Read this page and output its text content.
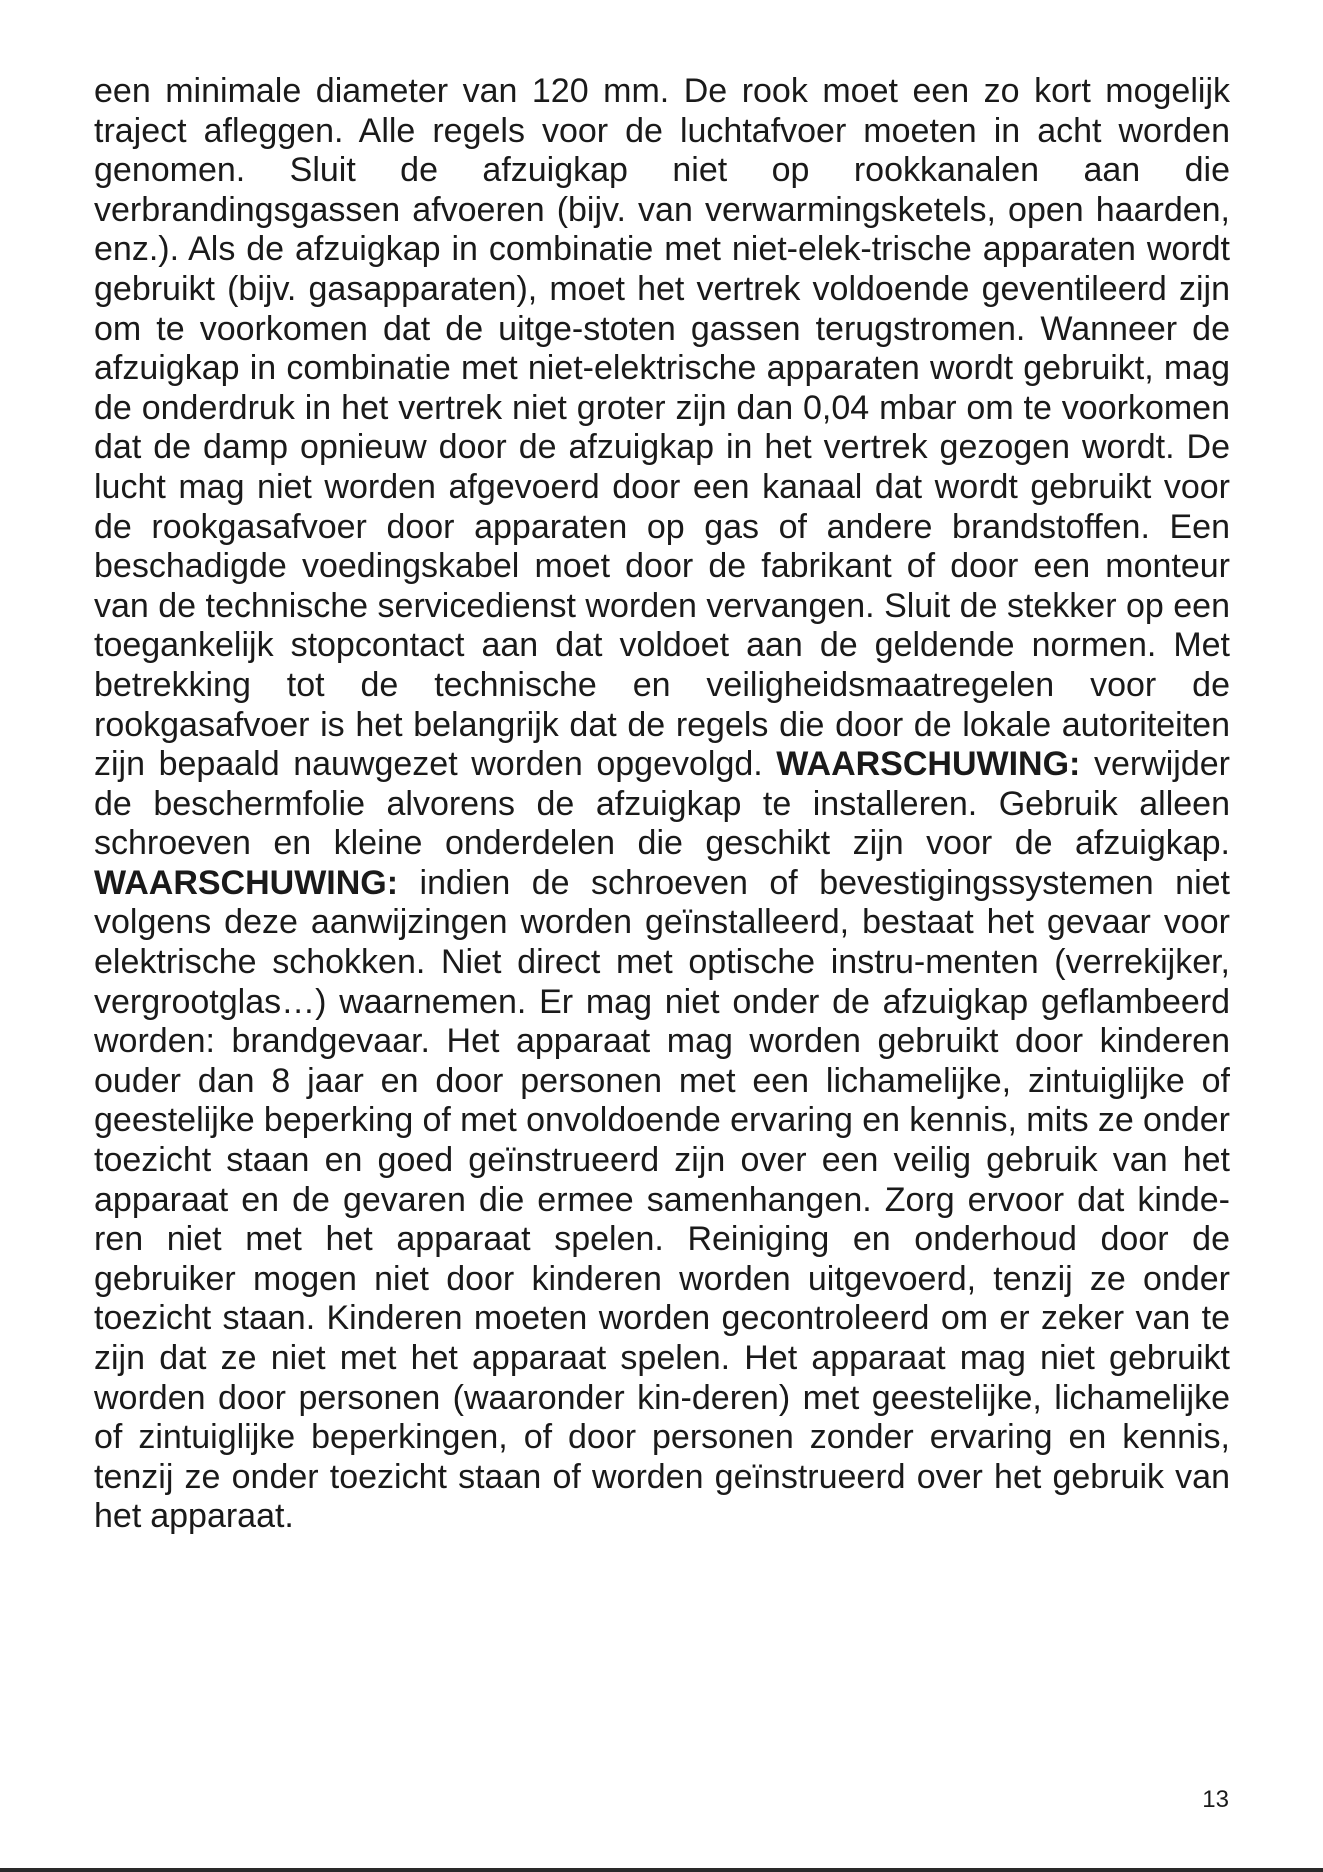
een minimale diameter van 120 mm. De rook moet een zo kort mogelijk traject afleggen. Alle regels voor de luchtafvoer moeten in acht worden genomen. Sluit de afzuigkap niet op rookkanalen aan die verbrandingsgassen afvoeren (bijv. van verwarmingsketels, open haarden, enz.). Als de afzuigkap in combinatie met niet-elek-trische apparaten wordt gebruikt (bijv. gasapparaten), moet het vertrek voldoende geventileerd zijn om te voorkomen dat de uitge-stoten gassen terugstromen. Wanneer de afzuigkap in combinatie met niet-elektrische apparaten wordt gebruikt, mag de onderdruk in het vertrek niet groter zijn dan 0,04 mbar om te voorkomen dat de damp opnieuw door de afzuigkap in het vertrek gezogen wordt. De lucht mag niet worden afgevoerd door een kanaal dat wordt gebruikt voor de rookgasafvoer door apparaten op gas of andere brandstoffen. Een beschadigde voedingskabel moet door de fabrikant of door een monteur van de technische servicedienst worden vervangen. Sluit de stekker op een toegankelijk stopcontact aan dat voldoet aan de geldende normen. Met betrekking tot de technische en veiligheidsmaatregelen voor de rookgasafvoer is het belangrijk dat de regels die door de lokale autoriteiten zijn bepaald nauwgezet worden opgevolgd. WAARSCHUWING: verwijder de beschermfolie alvorens de afzuigkap te installeren. Gebruik alleen schroeven en kleine onderdelen die geschikt zijn voor de afzuigkap. WAARSCHUWING: indien de schroeven of bevestigingssystemen niet volgens deze aanwijzingen worden geïnstalleerd, bestaat het gevaar voor elektrische schokken. Niet direct met optische instru-menten (verrekijker, vergrootglas…) waarnemen. Er mag niet onder de afzuigkap geflambeerd worden: brandgevaar. Het apparaat mag worden gebruikt door kinderen ouder dan 8 jaar en door personen met een lichamelijke, zintuiglijke of geestelijke beperking of met onvoldoende ervaring en kennis, mits ze onder toezicht staan en goed geïnstrueerd zijn over een veilig gebruik van het apparaat en de gevaren die ermee samenhangen. Zorg ervoor dat kinde-ren niet met het apparaat spelen. Reiniging en onderhoud door de gebruiker mogen niet door kinderen worden uitgevoerd, tenzij ze onder toezicht staan. Kinderen moeten worden gecontroleerd om er zeker van te zijn dat ze niet met het apparaat spelen. Het apparaat mag niet gebruikt worden door personen (waaronder kin-deren) met geestelijke, lichamelijke of zintuiglijke beperkingen, of door personen zonder ervaring en kennis, tenzij ze onder toezicht staan of worden geïnstrueerd over het gebruik van het apparaat.

13
